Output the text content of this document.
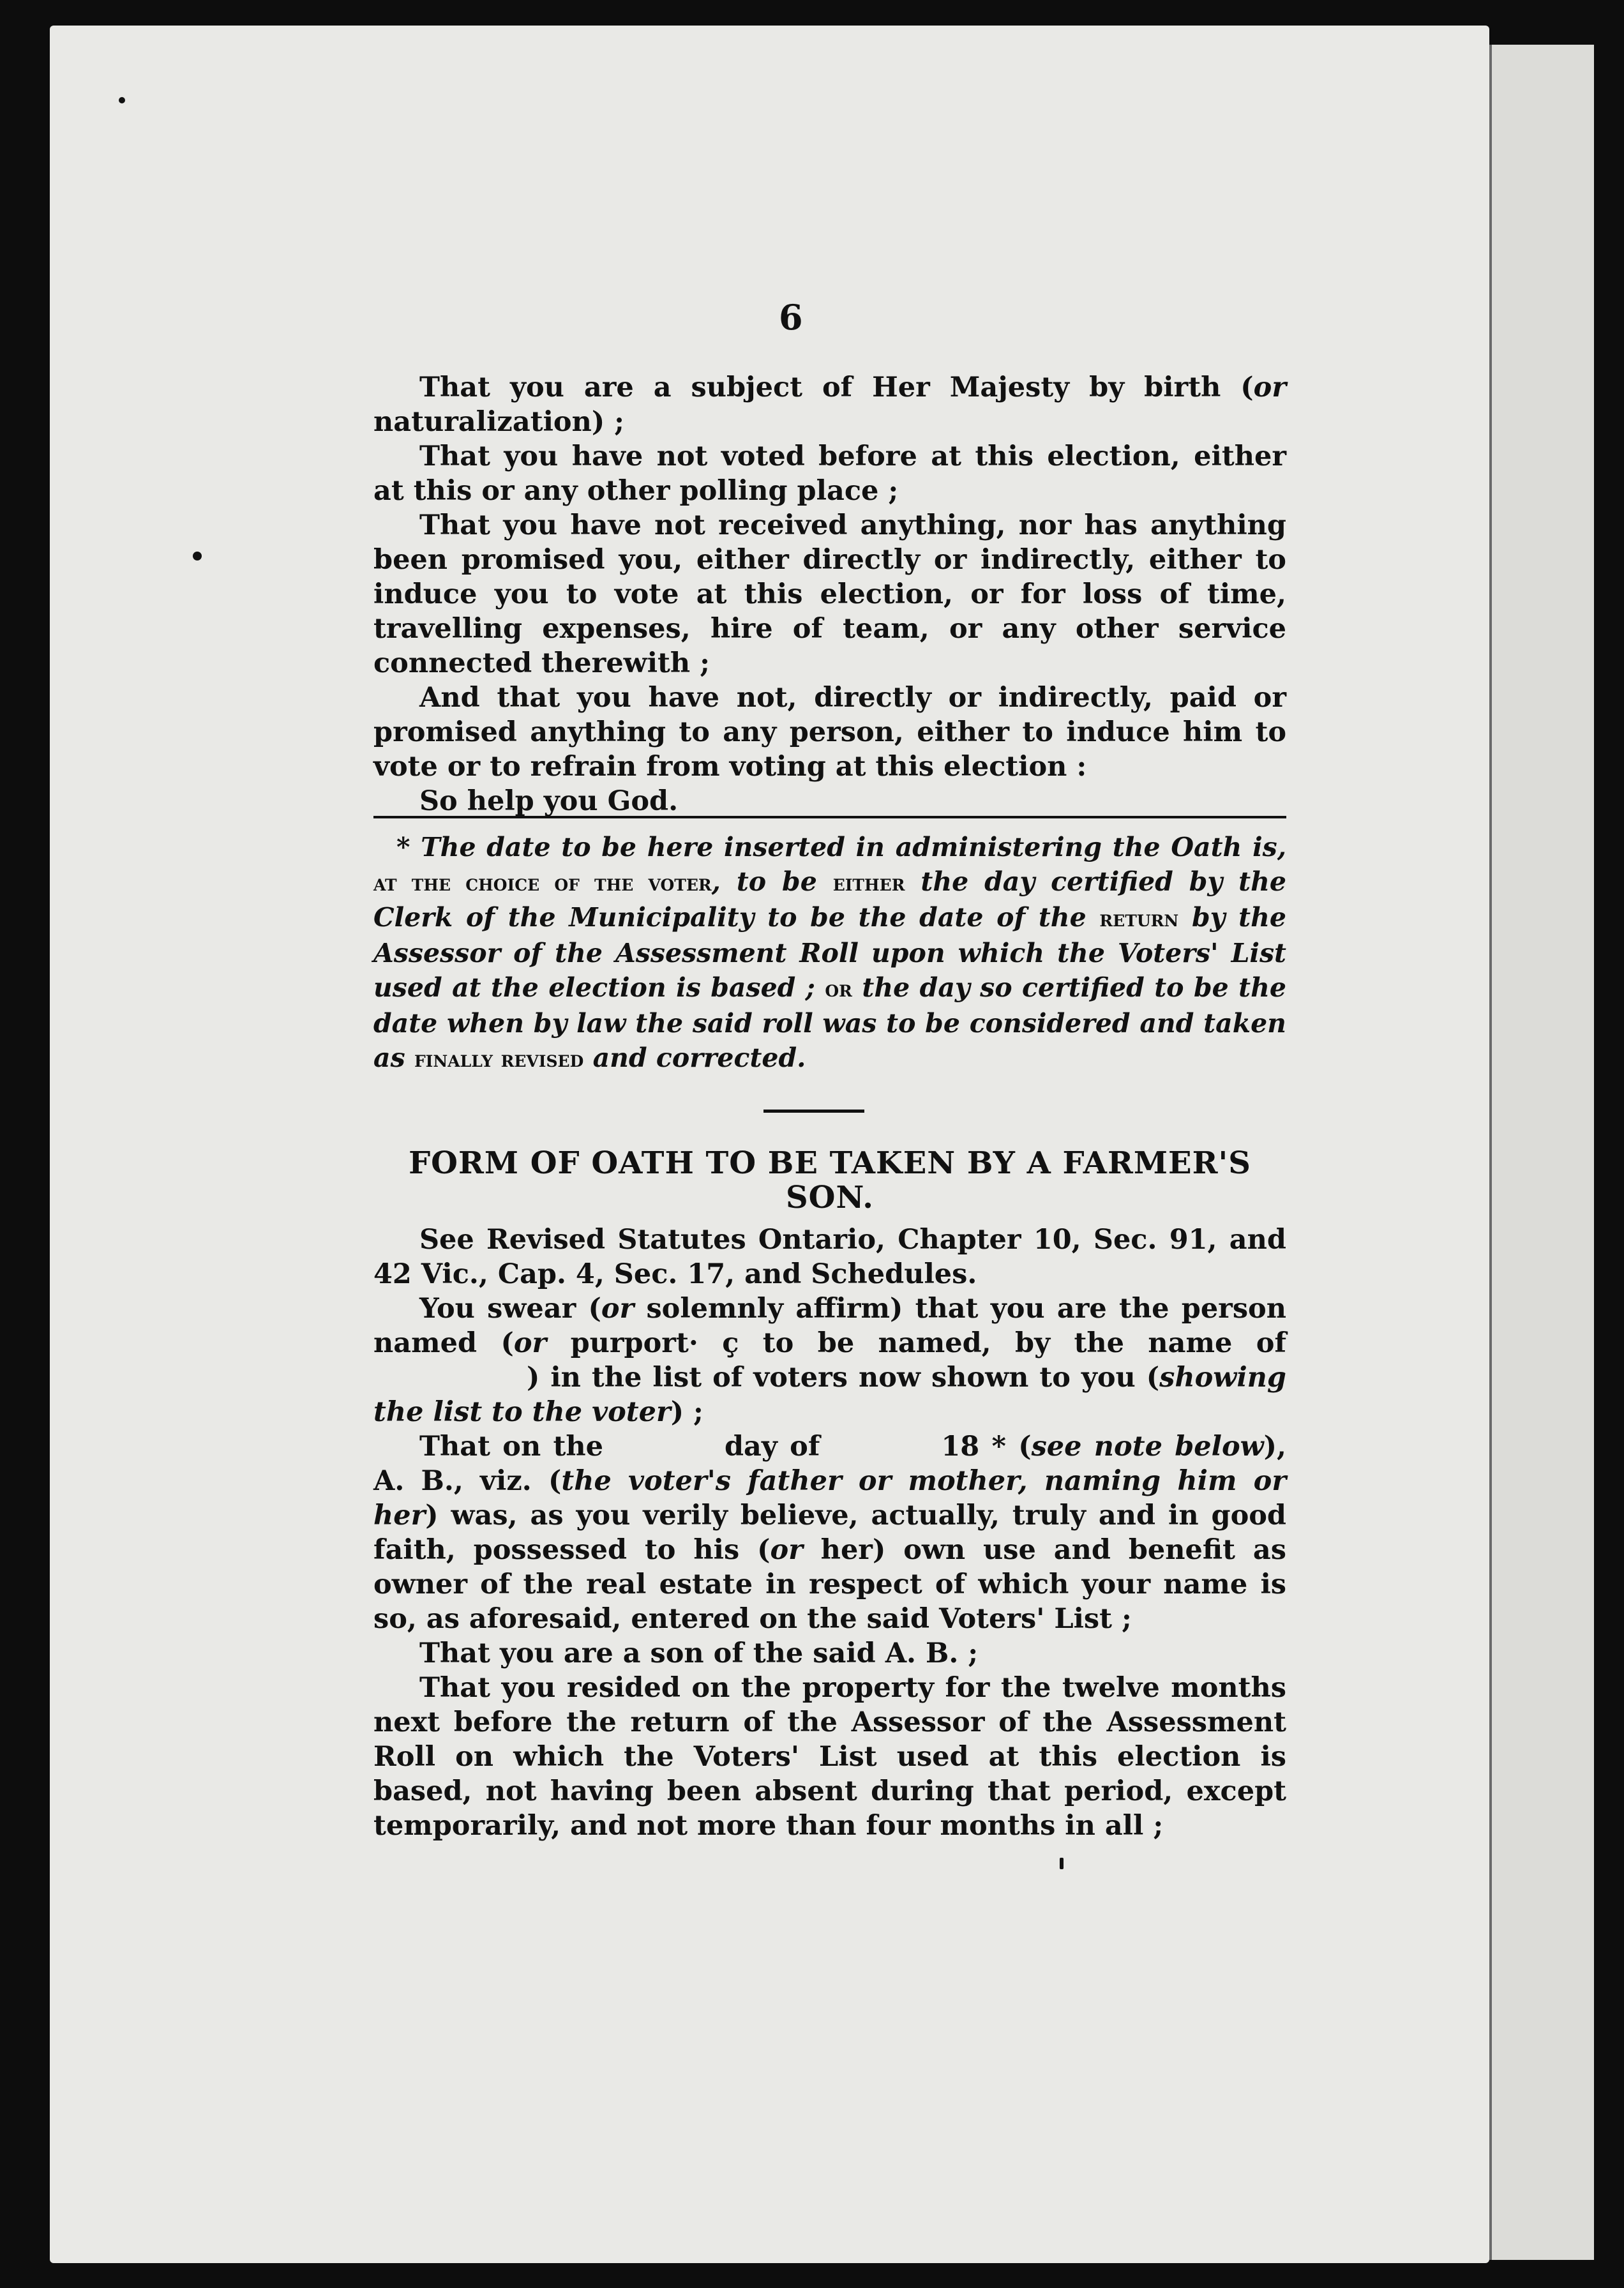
6

That you are a subject of Her Majesty by birth (or naturalization) ;

That you have not voted before at this election, either at this or any other polling place ;

That you have not received anything, nor has anything been promised you, either directly or indirectly, either to induce you to vote at this election, or for loss of time, travelling expenses, hire of team, or any other service connected therewith ;

And that you have not, directly or indirectly, paid or promised anything to any person, either to induce him to vote or to refrain from voting at this election :

So help you God.

* The date to be here inserted in administering the Oath is, at the choice of the voter, to be either the day certified by the Clerk of the Municipality to be the date of the return by the Assessor of the Assessment Roll upon which the Voters' List used at the election is based ; or the day so certified to be the date when by law the said roll was to be considered and taken as finally revised and corrected.

FORM OF OATH TO BE TAKEN BY A FARMER'S SON.

See Revised Statutes Ontario, Chapter 10, Sec. 91, and 42 Vic., Cap. 4, Sec. 17, and Schedules.

You swear (or solemnly affirm) that you are the person named (or purport· ç to be named, by the name of) in the list of voters now shown to you (showing the list to the voter) ;

That on the	day of	18 * (see note below), A. B., viz. (the voter's father or mother, naming him or her) was, as you verily believe, actually, truly and in good faith, possessed to his (or her) own use and benefit as owner of the real estate in respect of which your name is so, as aforesaid, entered on the said Voters' List ;

That you are a son of the said A. B. ;

That you resided on the property for the twelve months next before the return of the Assessor of the Assessment Roll on which the Voters' List used at this election is based, not having been absent during that period, except temporarily, and not more than four months in all ;
